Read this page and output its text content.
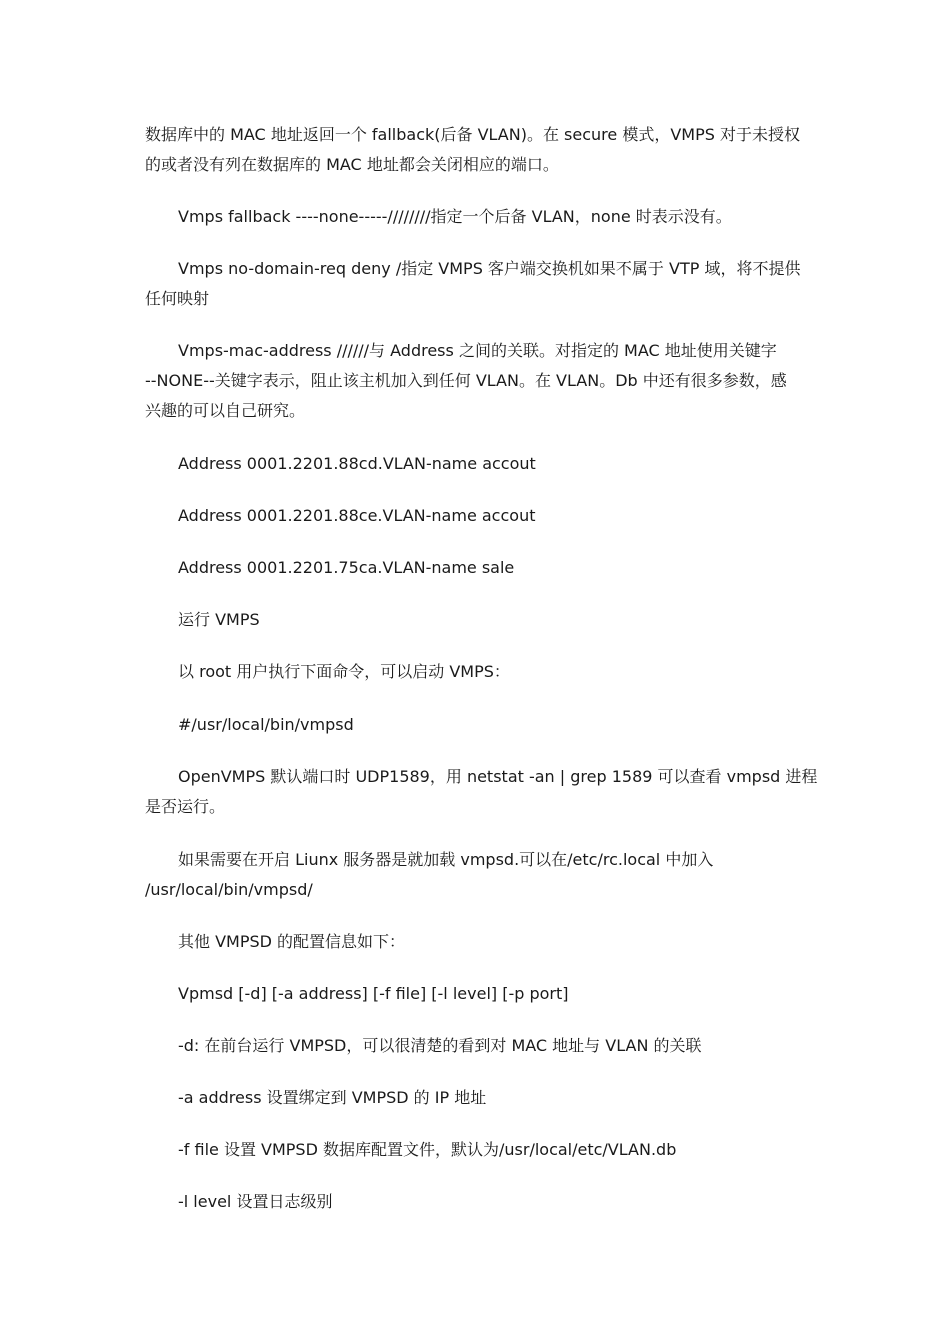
数据库中的 MAC 地址返回一个 fallback(后备 VLAN)。在 secure 模式，VMPS 对于未授权
的或者没有列在数据库的 MAC 地址都会关闭相应的端口。
Vmps fallback ----none-----////////指定一个后备 VLAN，none 时表示没有。
Vmps no-domain-req deny /指定 VMPS 客户端交换机如果不属于 VTP 域，将不提供
任何映射
Vmps-mac-address //////与 Address 之间的关联。对指定的 MAC 地址使用关键字
--NONE--关键字表示，阻止该主机加入到任何 VLAN。在 VLAN。Db 中还有很多参数，感
兴趣的可以自己研究。
Address 0001.2201.88cd.VLAN-name accout
Address 0001.2201.88ce.VLAN-name accout
Address 0001.2201.75ca.VLAN-name sale
运行 VMPS
以 root 用户执行下面命令，可以启动 VMPS：
#/usr/local/bin/vmpsd
OpenVMPS 默认端口时 UDP1589，用 netstat -an | grep 1589 可以查看 vmpsd 进程
是否运行。
如果需要在开启 Liunx 服务器是就加载 vmpsd.可以在/etc/rc.local 中加入
/usr/local/bin/vmpsd/
其他 VMPSD 的配置信息如下：
Vpmsd [-d] [-a address] [-f file] [-l level] [-p port]
-d: 在前台运行 VMPSD，可以很清楚的看到对 MAC 地址与 VLAN 的关联
-a address 设置绑定到 VMPSD 的 IP 地址
-f file 设置 VMPSD 数据库配置文件，默认为/usr/local/etc/VLAN.db
-l level 设置日志级别
